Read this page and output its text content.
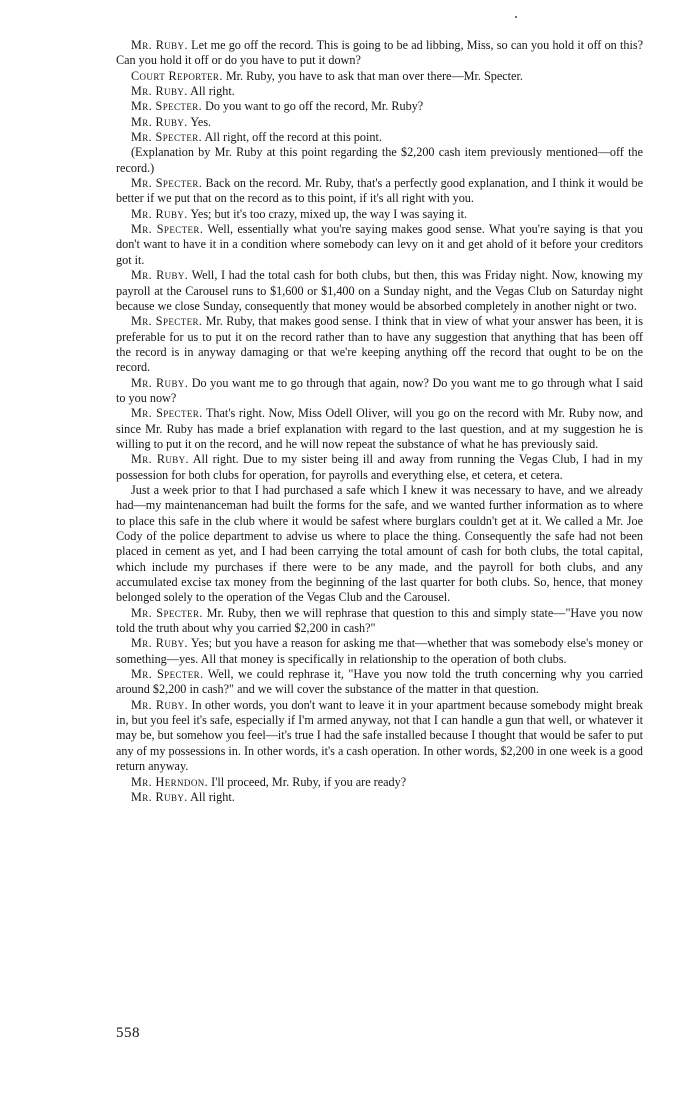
Mr. Ruby. Let me go off the record. This is going to be ad libbing, Miss, so can you hold it off on this? Can you hold it off or do you have to put it down?

Court Reporter. Mr. Ruby, you have to ask that man over there—Mr. Specter.

Mr. Ruby. All right.

Mr. Specter. Do you want to go off the record, Mr. Ruby?

Mr. Ruby. Yes.

Mr. Specter. All right, off the record at this point.

(Explanation by Mr. Ruby at this point regarding the $2,200 cash item previously mentioned—off the record.)

Mr. Specter. Back on the record. Mr. Ruby, that's a perfectly good explanation, and I think it would be better if we put that on the record as to this point, if it's all right with you.

Mr. Ruby. Yes; but it's too crazy, mixed up, the way I was saying it.

Mr. Specter. Well, essentially what you're saying makes good sense. What you're saying is that you don't want to have it in a condition where somebody can levy on it and get ahold of it before your creditors got it.

Mr. Ruby. Well, I had the total cash for both clubs, but then, this was Friday night. Now, knowing my payroll at the Carousel runs to $1,600 or $1,400 on a Sunday night, and the Vegas Club on Saturday night because we close Sunday, consequently that money would be absorbed completely in another night or two.

Mr. Specter. Mr. Ruby, that makes good sense. I think that in view of what your answer has been, it is preferable for us to put it on the record rather than to have any suggestion that anything that has been off the record is in anyway damaging or that we're keeping anything off the record that ought to be on the record.

Mr. Ruby. Do you want me to go through that again, now? Do you want me to go through what I said to you now?

Mr. Specter. That's right. Now, Miss Odell Oliver, will you go on the record with Mr. Ruby now, and since Mr. Ruby has made a brief explanation with regard to the last question, and at my suggestion he is willing to put it on the record, and he will now repeat the substance of what he has previously said.

Mr. Ruby. All right. Due to my sister being ill and away from running the Vegas Club, I had in my possession for both clubs for operation, for payrolls and everything else, et cetera, et cetera.

Just a week prior to that I had purchased a safe which I knew it was necessary to have, and we already had—my maintenanceman had built the forms for the safe, and we wanted further information as to where to place this safe in the club where it would be safest where burglars couldn't get at it. We called a Mr. Joe Cody of the police department to advise us where to place the thing. Consequently the safe had not been placed in cement as yet, and I had been carrying the total amount of cash for both clubs, the total capital, which include my purchases if there were to be any made, and the payroll for both clubs, and any accumulated excise tax money from the beginning of the last quarter for both clubs. So, hence, that money belonged solely to the operation of the Vegas Club and the Carousel.

Mr. Specter. Mr. Ruby, then we will rephrase that question to this and simply state—"Have you now told the truth about why you carried $2,200 in cash?"

Mr. Ruby. Yes; but you have a reason for asking me that—whether that was somebody else's money or something—yes. All that money is specifically in relationship to the operation of both clubs.

Mr. Specter. Well, we could rephrase it, "Have you now told the truth concerning why you carried around $2,200 in cash?" and we will cover the substance of the matter in that question.

Mr. Ruby. In other words, you don't want to leave it in your apartment because somebody might break in, but you feel it's safe, especially if I'm armed anyway, not that I can handle a gun that well, or whatever it may be, but somehow you feel—it's true I had the safe installed because I thought that would be safer to put any of my possessions in. In other words, it's a cash operation. In other words, $2,200 in one week is a good return anyway.

Mr. Herndon. I'll proceed, Mr. Ruby, if you are ready?

Mr. Ruby. All right.

558
